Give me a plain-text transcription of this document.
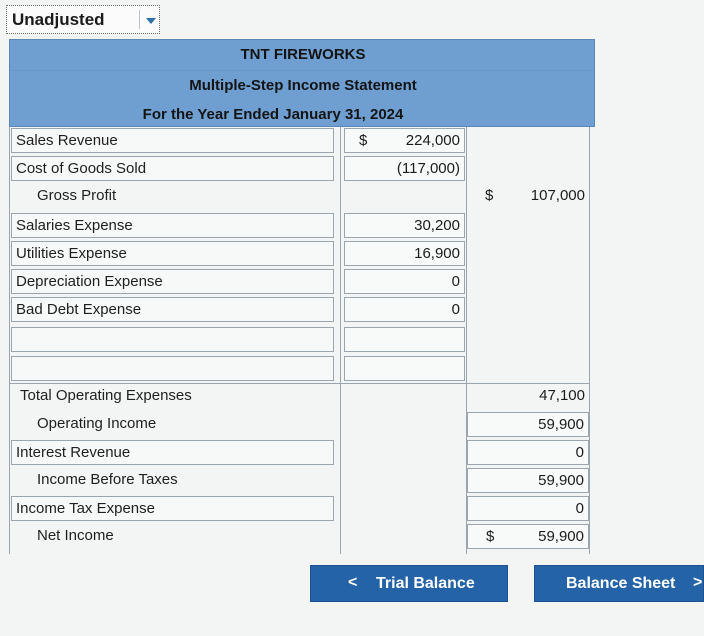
Unadjusted
TNT FIREWORKS
Multiple-Step Income Statement
For the Year Ended January 31, 2024
Sales Revenue	$	224,000
Cost of Goods Sold	(117,000)
Gross Profit	$ 107,000
Salaries Expense	30,200
Utilities Expense	16,900
Depreciation Expense	0
Bad Debt Expense	0
Total Operating Expenses	47,100
Operating Income	59,900
Interest Revenue	0
Income Before Taxes	59,900
Income Tax Expense	0
Net Income	$	59,900
< Trial Balance	Balance Sheet >
